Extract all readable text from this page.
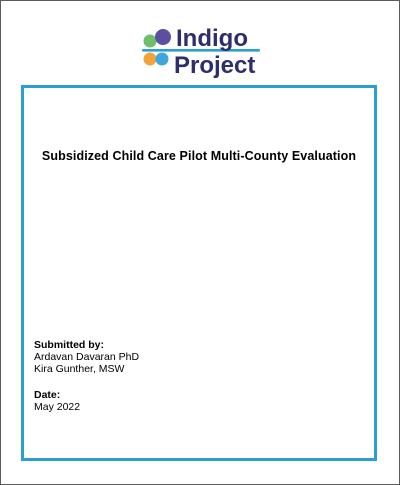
Indigo
Project
Subsidized Child Care Pilot Multi-County Evaluation
Submitted by:
Ardavan Davaran PhD
Kira Gunther, MSW
Date:
May 2022
